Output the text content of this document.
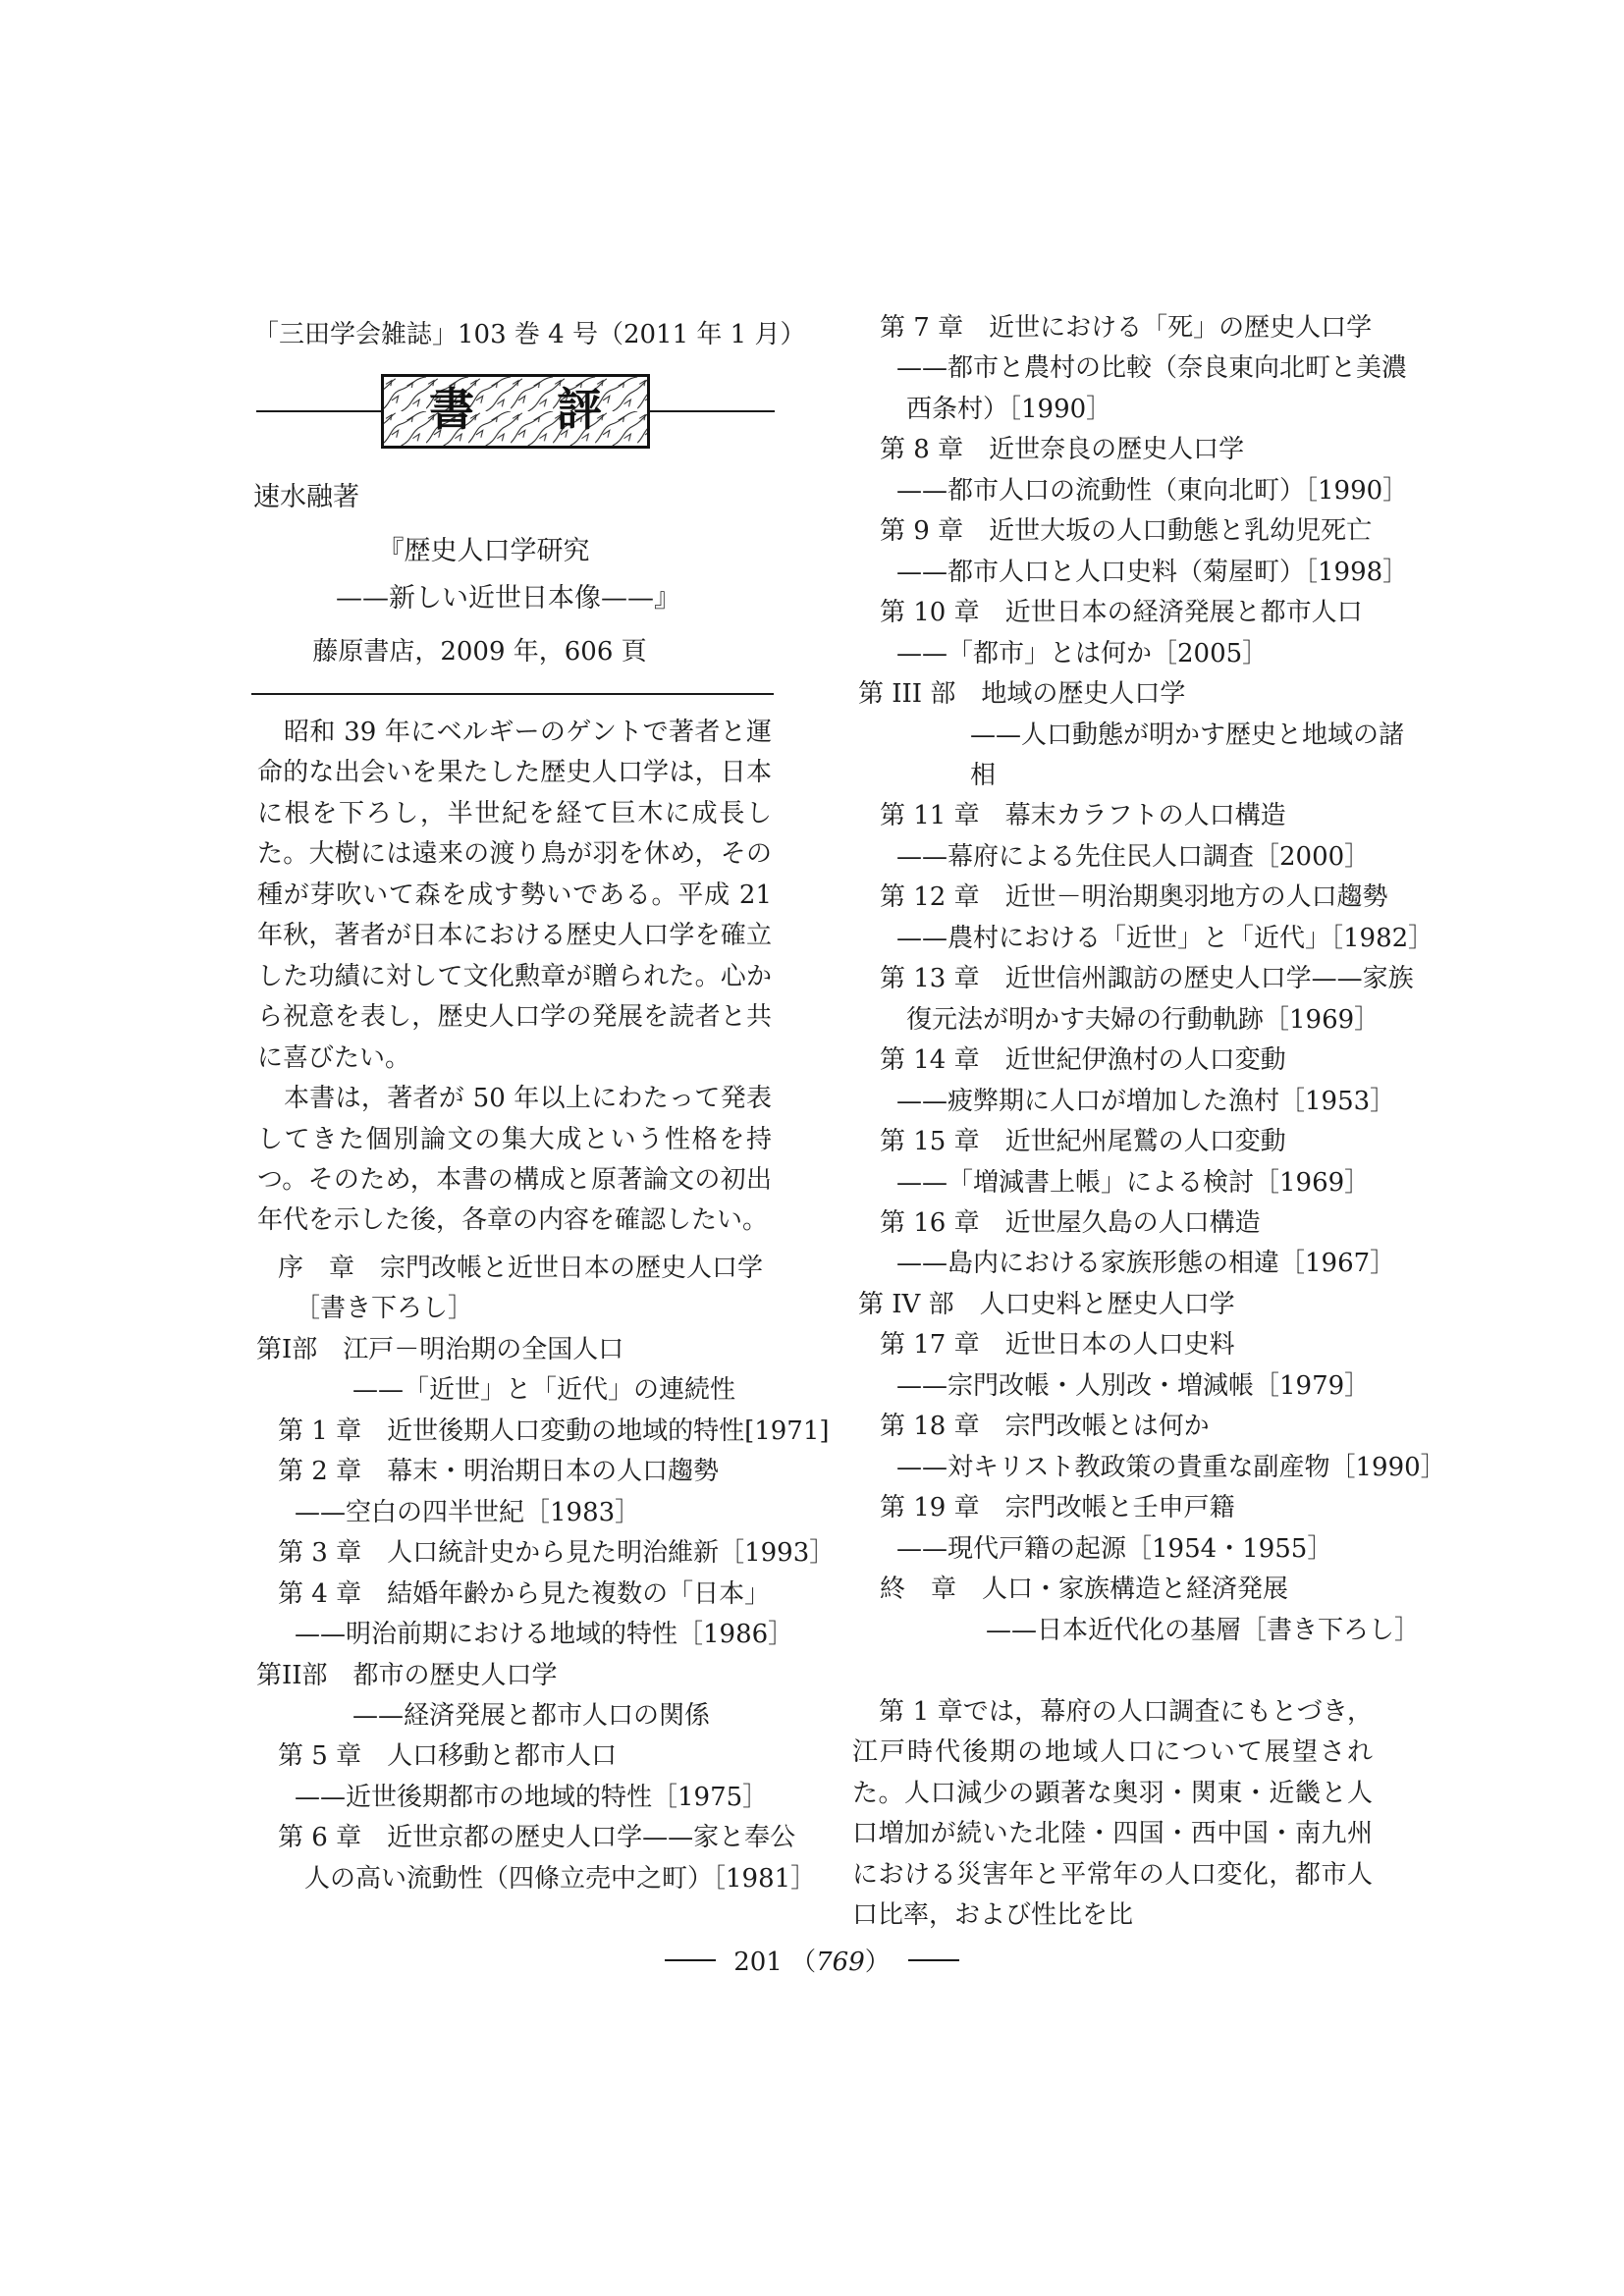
「三田学会雑誌」103 巻 4 号（2011 年 1 月）
書 評
速水融著
『歴史人口学研究
——新しい近世日本像——』
藤原書店，2009 年，606 頁

昭和 39 年にベルギーのゲントで著者と運命的な出会いを果たした歴史人口学は，日本に根を下ろし，半世紀を経て巨木に成長した。大樹には遠来の渡り鳥が羽を休め，その種が芽吹いて森を成す勢いである。平成 21 年秋，著者が日本における歴史人口学を確立した功績に対して文化勲章が贈られた。心から祝意を表し，歴史人口学の発展を読者と共に喜びたい。

本書は，著者が 50 年以上にわたって発表してきた個別論文の集大成という性格を持つ。そのため，本書の構成と原著論文の初出年代を示した後，各章の内容を確認したい。

序　章　宗門改帳と近世日本の歴史人口学
［書き下ろし］
第Ⅰ部　江戸－明治期の全国人口
——「近世」と「近代」の連続性
第 1 章　近世後期人口変動の地域的特性[1971]
第 2 章　幕末・明治期日本の人口趨勢
——空白の四半世紀［1983］
第 3 章　人口統計史から見た明治維新［1993］
第 4 章　結婚年齢から見た複数の「日本」
——明治前期における地域的特性［1986］
第II部　都市の歴史人口学
——経済発展と都市人口の関係
第 5 章　人口移動と都市人口
——近世後期都市の地域的特性［1975］
第 6 章　近世京都の歴史人口学——家と奉公
人の高い流動性（四條立売中之町）［1981］
第 7 章　近世における「死」の歴史人口学
——都市と農村の比較（奈良東向北町と美濃
西条村）［1990］
第 8 章　近世奈良の歴史人口学
——都市人口の流動性（東向北町）［1990］
第 9 章　近世大坂の人口動態と乳幼児死亡
——都市人口と人口史料（菊屋町）［1998］
第 10 章　近世日本の経済発展と都市人口
——「都市」とは何か［2005］
第 III 部　地域の歴史人口学
——人口動態が明かす歴史と地域の諸
相
第 11 章　幕末カラフトの人口構造
——幕府による先住民人口調査［2000］
第 12 章　近世－明治期奥羽地方の人口趨勢
——農村における「近世」と「近代」［1982］
第 13 章　近世信州諏訪の歴史人口学——家族
復元法が明かす夫婦の行動軌跡［1969］
第 14 章　近世紀伊漁村の人口変動
——疲弊期に人口が増加した漁村［1953］
第 15 章　近世紀州尾鷲の人口変動
——「増減書上帳」による検討［1969］
第 16 章　近世屋久島の人口構造
——島内における家族形態の相違［1967］
第 IV 部　人口史料と歴史人口学
第 17 章　近世日本の人口史料
——宗門改帳・人別改・増減帳［1979］
第 18 章　宗門改帳とは何か
——対キリスト教政策の貴重な副産物［1990］
第 19 章　宗門改帳と壬申戸籍
——現代戸籍の起源［1954・1955］
終　章　人口・家族構造と経済発展
——日本近代化の基層［書き下ろし］

第 1 章では，幕府の人口調査にもとづき，江戸時代後期の地域人口について展望された。人口減少の顕著な奥羽・関東・近畿と人口増加が続いた北陸・四国・西中国・南九州における災害年と平常年の人口変化，都市人口比率，および性比を比

201 （769）
